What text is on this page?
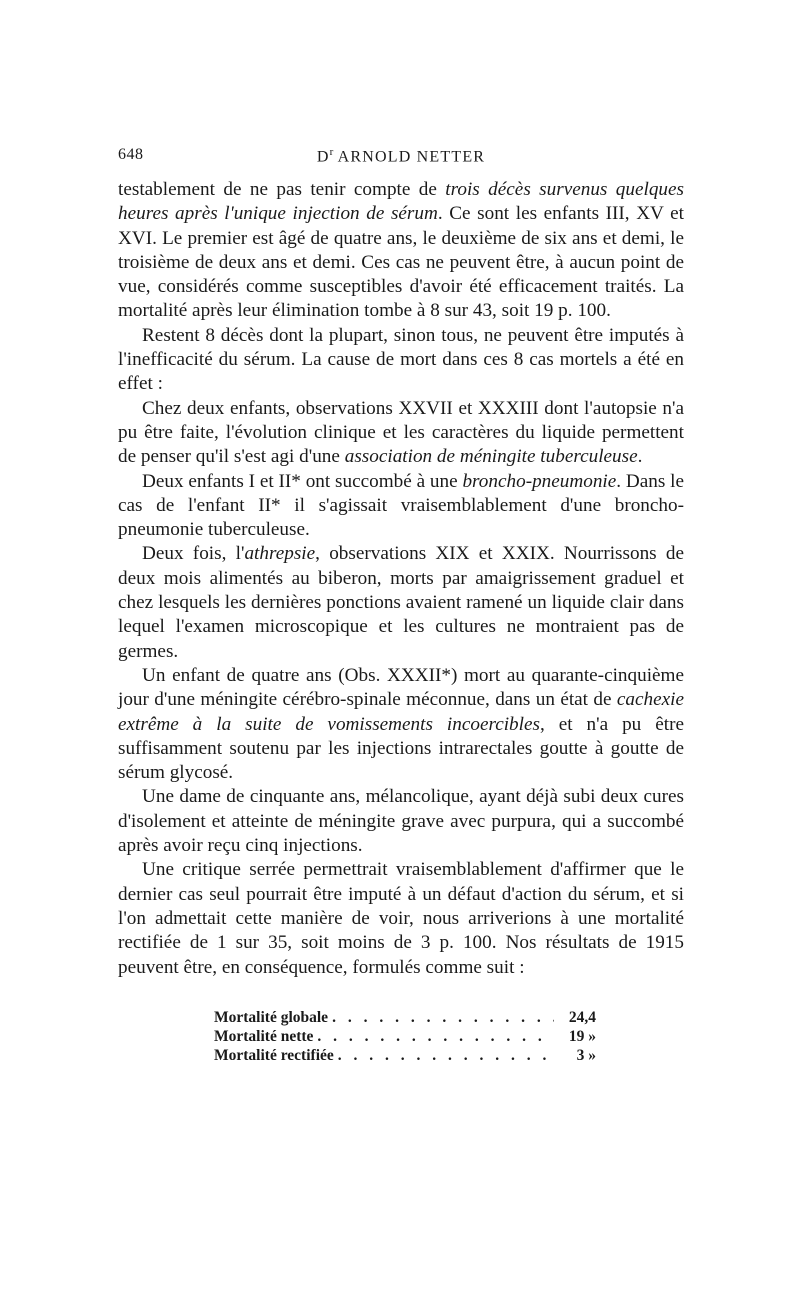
648	$D^r$ ARNOLD NETTER

testablement de ne pas tenir compte de trois décès survenus quelques heures après l'unique injection de sérum. Ce sont les enfants III, XV et XVI. Le premier est âgé de quatre ans, le deuxième de six ans et demi, le troisième de deux ans et demi. Ces cas ne peuvent être, à aucun point de vue, considérés comme susceptibles d'avoir été efficacement traités. La mortalité après leur élimination tombe à 8 sur 43, soit 19 p. 100.

Restent 8 décès dont la plupart, sinon tous, ne peuvent être imputés à l'inefficacité du sérum. La cause de mort dans ces 8 cas mortels a été en effet :

Chez deux enfants, observations XXVII et XXXIII dont l'autopsie n'a pu être faite, l'évolution clinique et les caractères du liquide permettent de penser qu'il s'est agi d'une association de méningite tuberculeuse.

Deux enfants I et II* ont succombé à une broncho-pneumonie. Dans le cas de l'enfant II* il s'agissait vraisemblablement d'une broncho-pneumonie tuberculeuse.

Deux fois, l'athrepsie, observations XIX et XXIX. Nourrissons de deux mois alimentés au biberon, morts par amaigrissement graduel et chez lesquels les dernières ponctions avaient ramené un liquide clair dans lequel l'examen microscopique et les cultures ne montraient pas de germes.

Un enfant de quatre ans (Obs. XXXII*) mort au quarante-cinquième jour d'une méningite cérébro-spinale méconnue, dans un état de cachexie extrême à la suite de vomissements incoercibles, et n'a pu être suffisamment soutenu par les injections intrarectales goutte à goutte de sérum glycosé.

Une dame de cinquante ans, mélancolique, ayant déjà subi deux cures d'isolement et atteinte de méningite grave avec purpura, qui a succombé après avoir reçu cinq injections.

Une critique serrée permettrait vraisemblablement d'affirmer que le dernier cas seul pourrait être imputé à un défaut d'action du sérum, et si l'on admettait cette manière de voir, nous arriverions à une mortalité rectifiée de 1 sur 35, soit moins de 3 p. 100. Nos résultats de 1915 peuvent être, en conséquence, formulés comme suit :

Mortalité globale . . .	24,4
Mortalité nette . . .	19 »
Mortalité rectifiée . . .	3 »
